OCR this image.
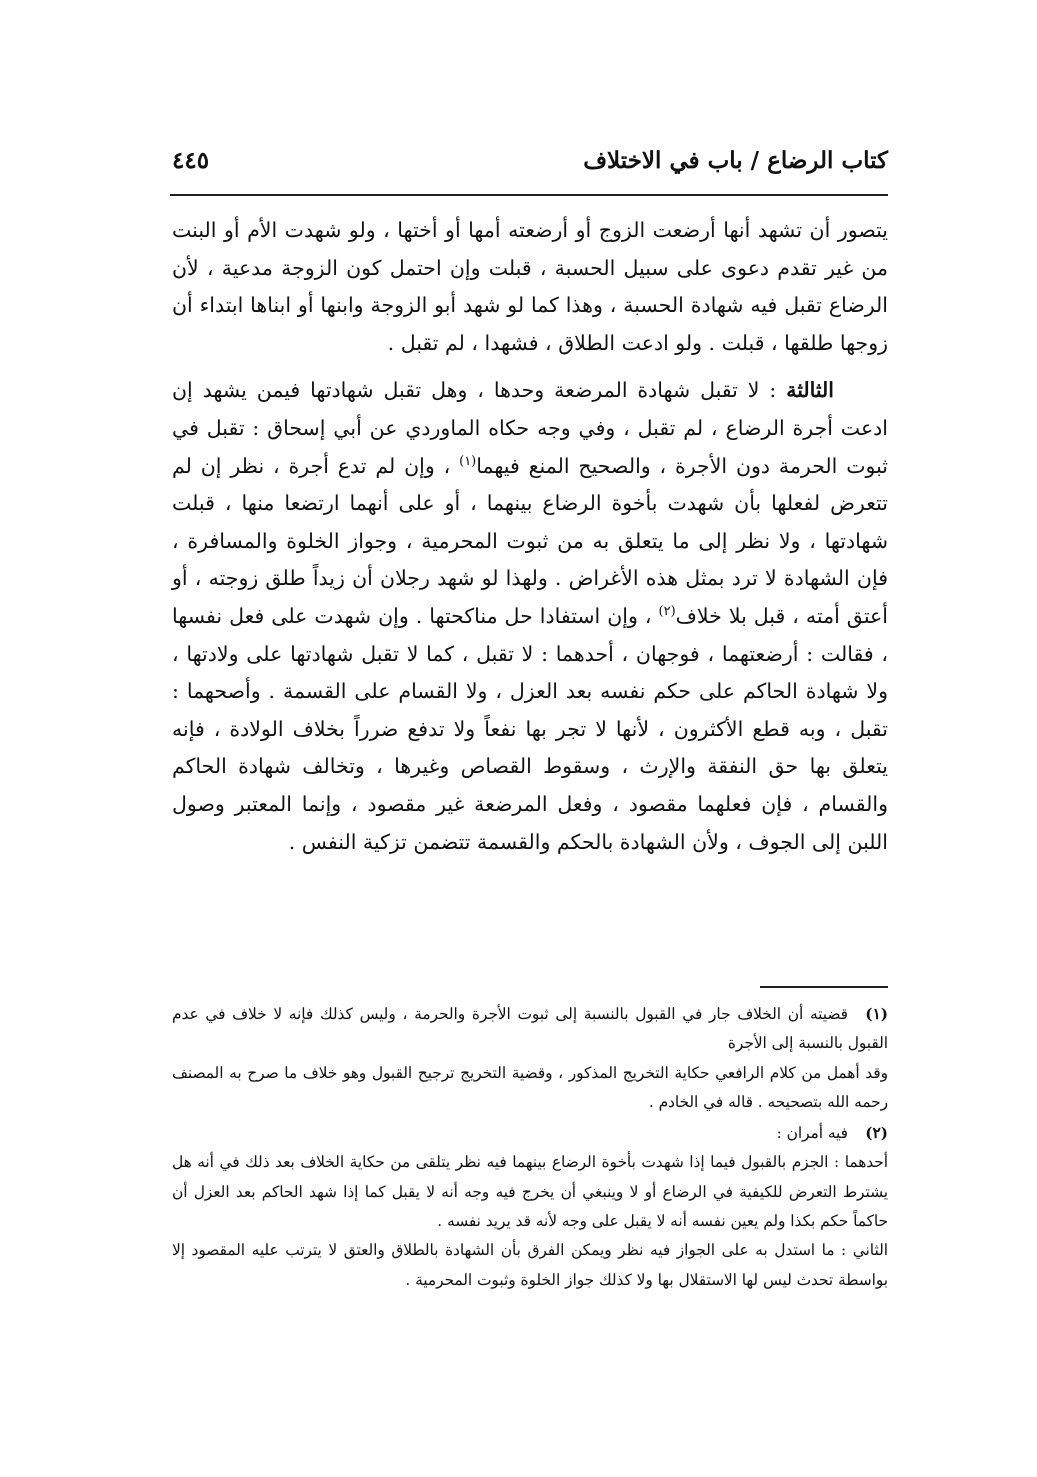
كتاب الرضاع / باب في الاختلاف
٤٤٥

يتصور أن تشهد أنها أرضعت الزوج أو أرضعته أمها أو أختها ، ولو شهدت الأم أو البنت من غير تقدم دعوى على سبيل الحسبة ، قبلت وإن احتمل كون الزوجة مدعية ، لأن الرضاع تقبل فيه شهادة الحسبة ، وهذا كما لو شهد أبو الزوجة وابنها أو ابناها ابتداء أن زوجها طلقها ، قبلت . ولو ادعت الطلاق ، فشهدا ، لم تقبل .

الثالثة : لا تقبل شهادة المرضعة وحدها ، وهل تقبل شهادتها فيمن يشهد إن ادعت أجرة الرضاع ، لم تقبل ، وفي وجه حكاه الماوردي عن أبي إسحاق : تقبل في ثبوت الحرمة دون الأجرة ، والصحيح المنع فيهما$^{(١)}$ ، وإن لم تدع أجرة ، نظر إن لم تتعرض لفعلها بأن شهدت بأخوة الرضاع بينهما ، أو على أنهما ارتضعا منها ، قبلت شهادتها ، ولا نظر إلى ما يتعلق به من ثبوت المحرمية ، وجواز الخلوة والمسافرة ، فإن الشهادة لا ترد بمثل هذه الأغراض . ولهذا لو شهد رجلان أن زيداً طلق زوجته ، أو أعتق أمته ، قبل بلا خلاف$^{(٢)}$ ، وإن استفادا حل مناكحتها . وإن شهدت على فعل نفسها ، فقالت : أرضعتهما ، فوجهان ، أحدهما : لا تقبل ، كما لا تقبل شهادتها على ولادتها ، ولا شهادة الحاكم على حكم نفسه بعد العزل ، ولا القسام على القسمة . وأصحهما : تقبل ، وبه قطع الأكثرون ، لأنها لا تجر بها نفعاً ولا تدفع ضرراً بخلاف الولادة ، فإنه يتعلق بها حق النفقة والإرث ، وسقوط القصاص وغيرها ، وتخالف شهادة الحاكم والقسام ، فإن فعلهما مقصود ، وفعل المرضعة غير مقصود ، وإنما المعتبر وصول اللبن إلى الجوف ، ولأن الشهادة بالحكم والقسمة تتضمن تزكية النفس .

(١)قضيته أن الخلاف جار في القبول بالنسبة إلى ثبوت الأجرة والحرمة ، وليس كذلك فإنه لا خلاف في عدم القبول بالنسبة إلى الأجرة

وقد أهمل من كلام الرافعي حكاية التخريج المذكور ، وقضية التخريج ترجيح القبول وهو خلاف ما صرح به المصنف رحمه الله بتصحيحه . قاله في الخادم .

(٢)فيه أمران :

أحدهما : الجزم بالقبول فيما إذا شهدت بأخوة الرضاع بينهما فيه نظر يتلقى من حكاية الخلاف بعد ذلك في أنه هل يشترط التعرض للكيفية في الرضاع أو لا وينبغي أن يخرج فيه وجه أنه لا يقبل كما إذا شهد الحاكم بعد العزل أن حاكماً حكم بكذا ولم يعين نفسه أنه لا يقبل على وجه لأنه قد يريد نفسه .

الثاني : ما استدل به على الجواز فيه نظر ويمكن الفرق بأن الشهادة بالطلاق والعتق لا يترتب عليه المقصود إلا بواسطة تحدث ليس لها الاستقلال بها ولا كذلك جواز الخلوة وثبوت المحرمية .
